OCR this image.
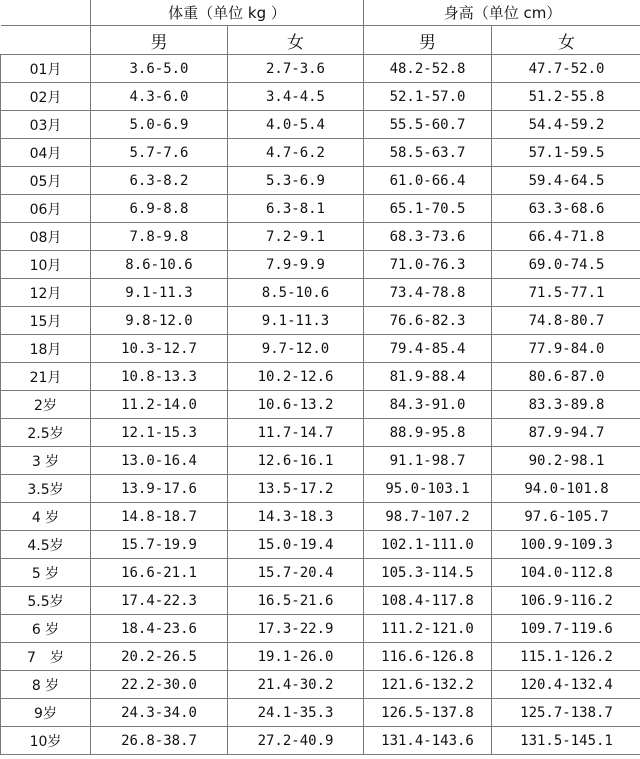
	体重（单位 kg ）		身高（单位 cm）	
	男	女	男	女
01月	3.6-5.0	2.7-3.6	48.2-52.8	47.7-52.0
02月	4.3-6.0	3.4-4.5	52.1-57.0	51.2-55.8
03月	5.0-6.9	4.0-5.4	55.5-60.7	54.4-59.2
04月	5.7-7.6	4.7-6.2	58.5-63.7	57.1-59.5
05月	6.3-8.2	5.3-6.9	61.0-66.4	59.4-64.5
06月	6.9-8.8	6.3-8.1	65.1-70.5	63.3-68.6
08月	7.8-9.8	7.2-9.1	68.3-73.6	66.4-71.8
10月	8.6-10.6	7.9-9.9	71.0-76.3	69.0-74.5
12月	9.1-11.3	8.5-10.6	73.4-78.8	71.5-77.1
15月	9.8-12.0	9.1-11.3	76.6-82.3	74.8-80.7
18月	10.3-12.7	9.7-12.0	79.4-85.4	77.9-84.0
21月	10.8-13.3	10.2-12.6	81.9-88.4	80.6-87.0
2岁	11.2-14.0	10.6-13.2	84.3-91.0	83.3-89.8
2.5岁	12.1-15.3	11.7-14.7	88.9-95.8	87.9-94.7
3 岁	13.0-16.4	12.6-16.1	91.1-98.7	90.2-98.1
3.5岁	13.9-17.6	13.5-17.2	95.0-103.1	94.0-101.8
4 岁	14.8-18.7	14.3-18.3	98.7-107.2	97.6-105.7
4.5岁	15.7-19.9	15.0-19.4	102.1-111.0	100.9-109.3
5 岁	16.6-21.1	15.7-20.4	105.3-114.5	104.0-112.8
5.5岁	17.4-22.3	16.5-21.6	108.4-117.8	106.9-116.2
6 岁	18.4-23.6	17.3-22.9	111.2-121.0	109.7-119.6
7　岁	20.2-26.5	19.1-26.0	116.6-126.8	115.1-126.2
8 岁	22.2-30.0	21.4-30.2	121.6-132.2	120.4-132.4
9岁	24.3-34.0	24.1-35.3	126.5-137.8	125.7-138.7
10岁	26.8-38.7	27.2-40.9	131.4-143.6	131.5-145.1
